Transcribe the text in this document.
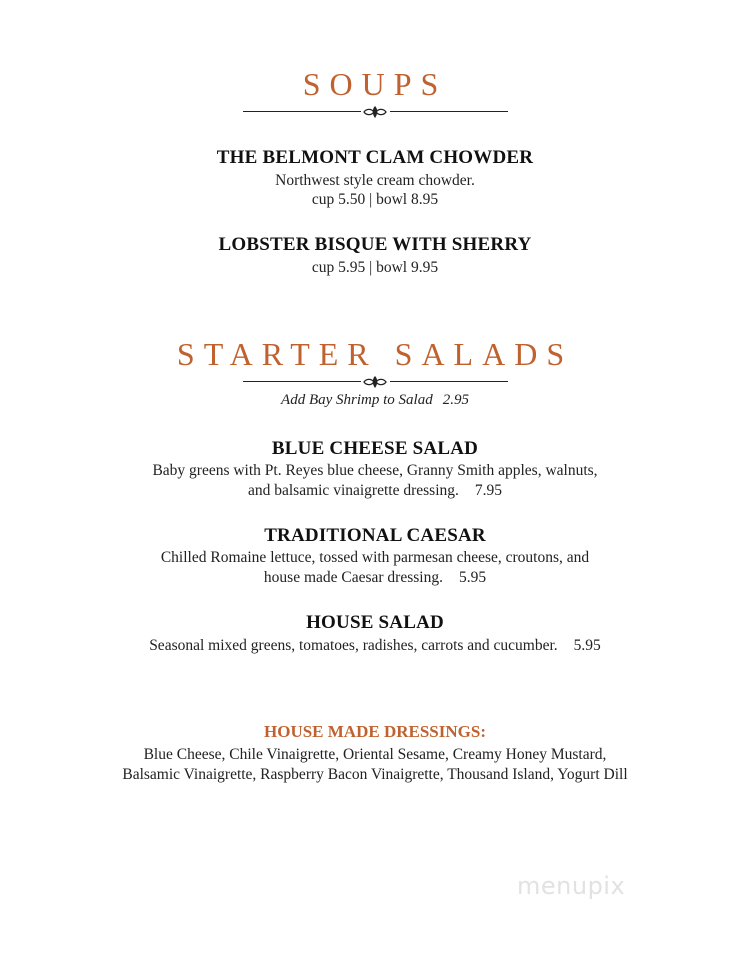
SOUPS
THE BELMONT CLAM CHOWDER
Northwest style cream chowder.
cup 5.50 | bowl 8.95
LOBSTER BISQUE WITH SHERRY
cup 5.95 | bowl 9.95
STARTER SALADS
Add Bay Shrimp to Salad 2.95
BLUE CHEESE SALAD
Baby greens with Pt. Reyes blue cheese, Granny Smith apples, walnuts,
and balsamic vinaigrette dressing. 7.95
TRADITIONAL CAESAR
Chilled Romaine lettuce, tossed with parmesan cheese, croutons, and
house made Caesar dressing. 5.95
HOUSE SALAD
Seasonal mixed greens, tomatoes, radishes, carrots and cucumber. 5.95
HOUSE MADE DRESSINGS:
Blue Cheese, Chile Vinaigrette, Oriental Sesame, Creamy Honey Mustard,
Balsamic Vinaigrette, Raspberry Bacon Vinaigrette, Thousand Island, Yogurt Dill
menupix
